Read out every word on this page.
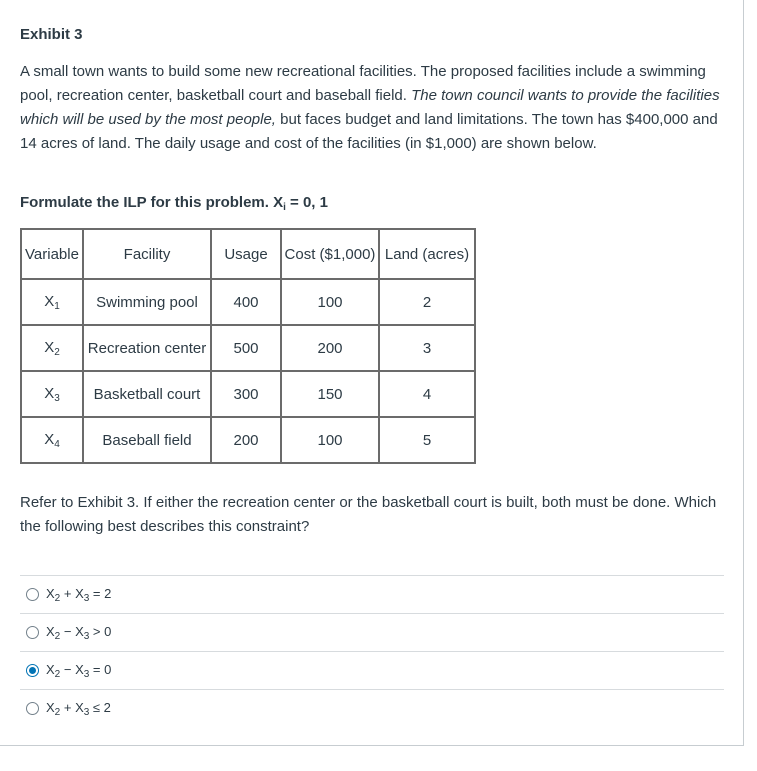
Exhibit 3
A small town wants to build some new recreational facilities. The proposed facilities include a swimming pool, recreation center, basketball court and baseball field. The town council wants to provide the facilities which will be used by the most people, but faces budget and land limitations. The town has $400,000 and 14 acres of land. The daily usage and cost of the facilities (in $1,000) are shown below.
Formulate the ILP for this problem. $X_i = 0$, 1
Variable	Facility	Usage	Cost ($1,000)	Land (acres)
$X_1$	Swimming pool	400	100	2
$X_2$	Recreation center	500	200	3
$X_3$	Basketball court	300	150	4
$X_4$	Baseball field	200	100	5
Refer to Exhibit 3. If either the recreation center or the basketball court is built, both must be done. Which the following best describes this constraint?
$X_2 + X_3 = 2$
$X_2 - X_3 > 0$
$X_2 - X_3 = 0$
$X_2 + X_3 \le 2$
